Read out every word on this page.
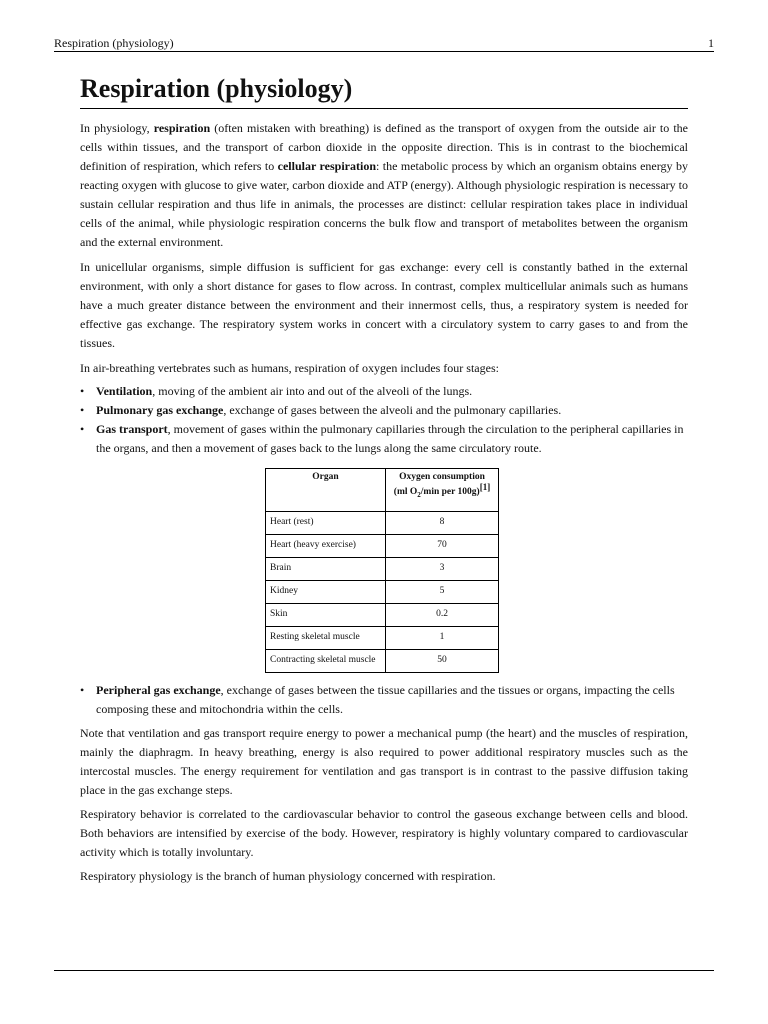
Respiration (physiology)	1
Respiration (physiology)

In physiology, respiration (often mistaken with breathing) is defined as the transport of oxygen from the outside air to the cells within tissues, and the transport of carbon dioxide in the opposite direction. This is in contrast to the biochemical definition of respiration, which refers to cellular respiration: the metabolic process by which an organism obtains energy by reacting oxygen with glucose to give water, carbon dioxide and ATP (energy). Although physiologic respiration is necessary to sustain cellular respiration and thus life in animals, the processes are distinct: cellular respiration takes place in individual cells of the animal, while physiologic respiration concerns the bulk flow and transport of metabolites between the organism and the external environment.

In unicellular organisms, simple diffusion is sufficient for gas exchange: every cell is constantly bathed in the external environment, with only a short distance for gases to flow across. In contrast, complex multicellular animals such as humans have a much greater distance between the environment and their innermost cells, thus, a respiratory system is needed for effective gas exchange. The respiratory system works in concert with a circulatory system to carry gases to and from the tissues.

In air-breathing vertebrates such as humans, respiration of oxygen includes four stages:

• Ventilation, moving of the ambient air into and out of the alveoli of the lungs.
• Pulmonary gas exchange, exchange of gases between the alveoli and the pulmonary capillaries.
• Gas transport, movement of gases within the pulmonary capillaries through the circulation to the peripheral capillaries in the organs, and then a movement of gases back to the lungs along the same circulatory route.
Organ	Oxygen consumption
(ml $O_2/\min$ per 100g)[1]
Heart (rest)	8
Heart (heavy exercise)	70
Brain	3
Kidney	5
Skin	0.2
Resting skeletal muscle	1
Contracting skeletal muscle	50
• Peripheral gas exchange, exchange of gases between the tissue capillaries and the tissues or organs, impacting the cells composing these and mitochondria within the cells.

Note that ventilation and gas transport require energy to power a mechanical pump (the heart) and the muscles of respiration, mainly the diaphragm. In heavy breathing, energy is also required to power additional respiratory muscles such as the intercostal muscles. The energy requirement for ventilation and gas transport is in contrast to the passive diffusion taking place in the gas exchange steps.

Respiratory behavior is correlated to the cardiovascular behavior to control the gaseous exchange between cells and blood. Both behaviors are intensified by exercise of the body. However, respiratory is highly voluntary compared to cardiovascular activity which is totally involuntary.

Respiratory physiology is the branch of human physiology concerned with respiration.
